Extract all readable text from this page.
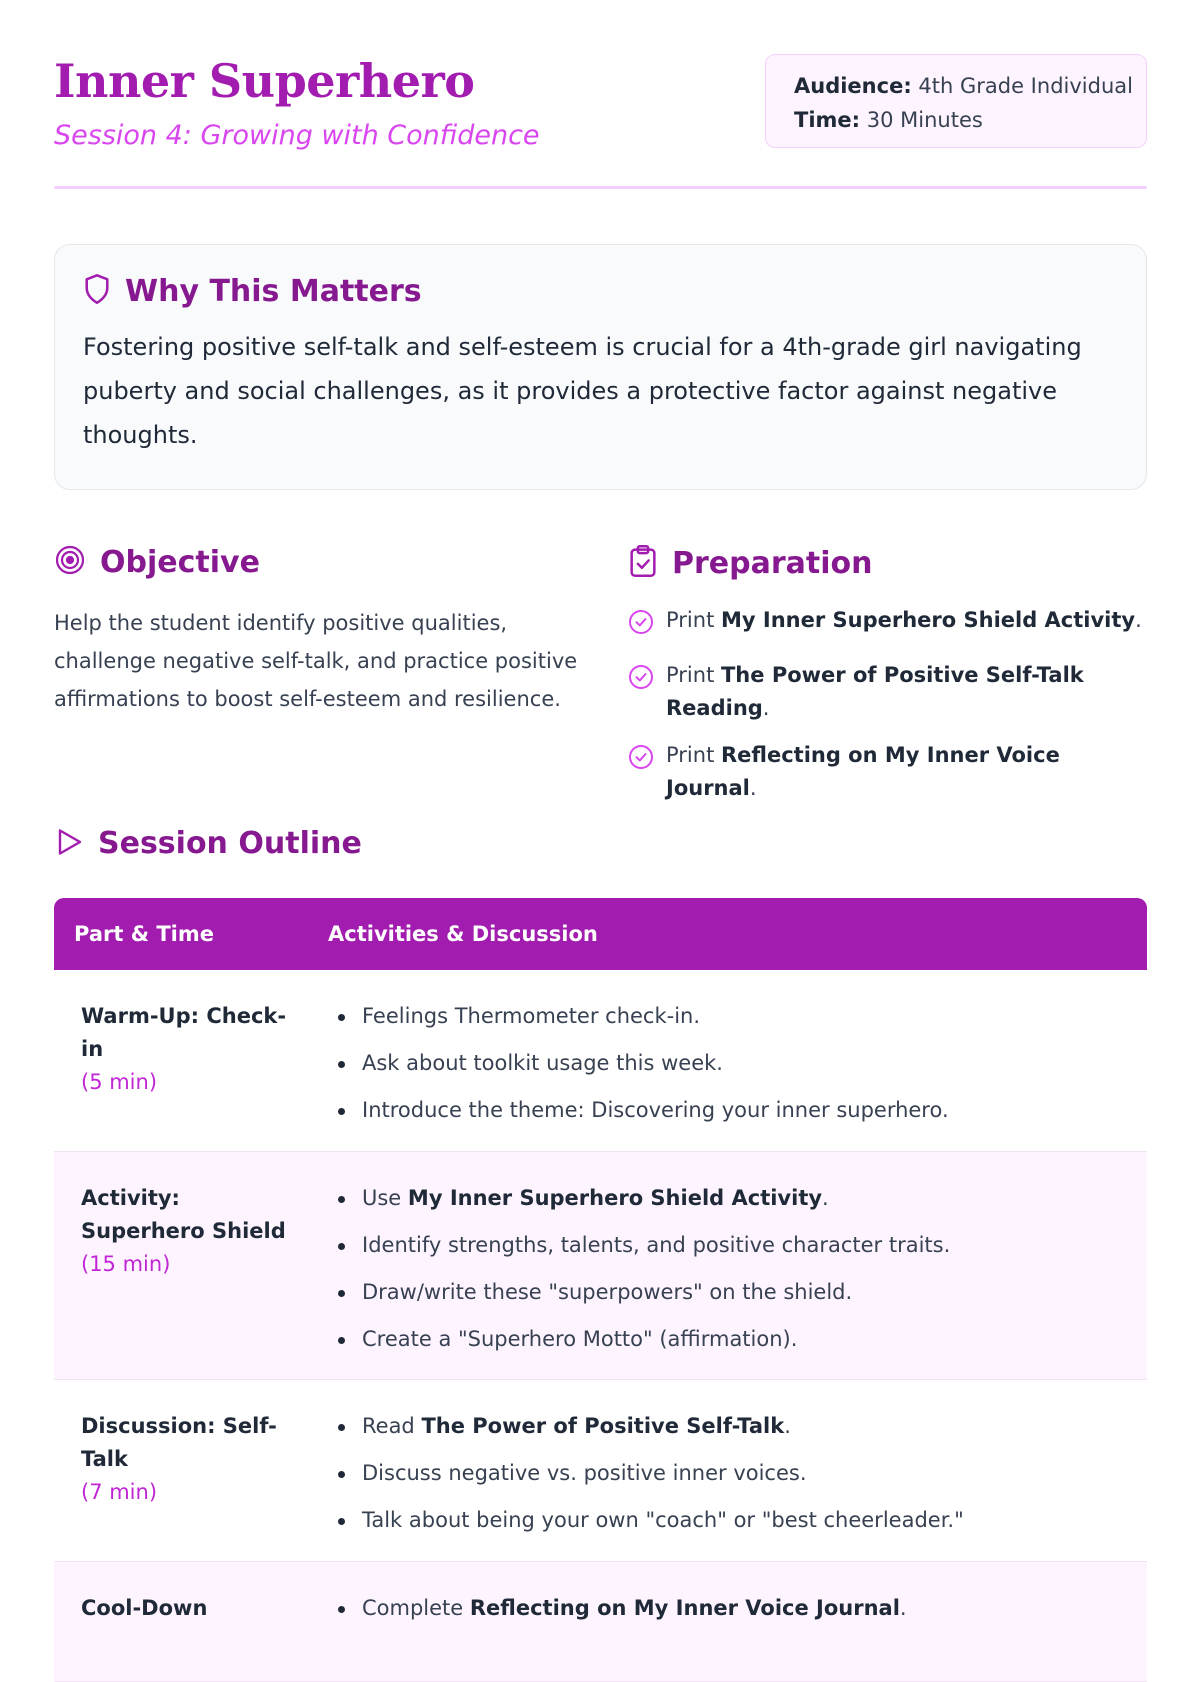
Inner Superhero
Session 4: Growing with Confidence
Audience: 4th Grade Individual
Time: 30 Minutes
Why This Matters
Fostering positive self-talk and self-esteem is crucial for a 4th-grade girl navigating puberty and social challenges, as it provides a protective factor against negative thoughts.
Objective
Help the student identify positive qualities, challenge negative self-talk, and practice positive affirmations to boost self-esteem and resilience.
Preparation
Print My Inner Superhero Shield Activity.
Print The Power of Positive Self-Talk Reading.
Print Reflecting on My Inner Voice Journal.
Session Outline
Part & Time	Activities & Discussion
Warm-Up: Check-in
(5 min)
Feelings Thermometer check-in.
Ask about toolkit usage this week.
Introduce the theme: Discovering your inner superhero.
Activity: Superhero Shield
(15 min)
Use My Inner Superhero Shield Activity.
Identify strengths, talents, and positive character traits.
Draw/write these "superpowers" on the shield.
Create a "Superhero Motto" (affirmation).
Discussion: Self-Talk
(7 min)
Read The Power of Positive Self-Talk.
Discuss negative vs. positive inner voices.
Talk about being your own "coach" or "best cheerleader."
Cool-Down	Complete Reflecting on My Inner Voice Journal.
